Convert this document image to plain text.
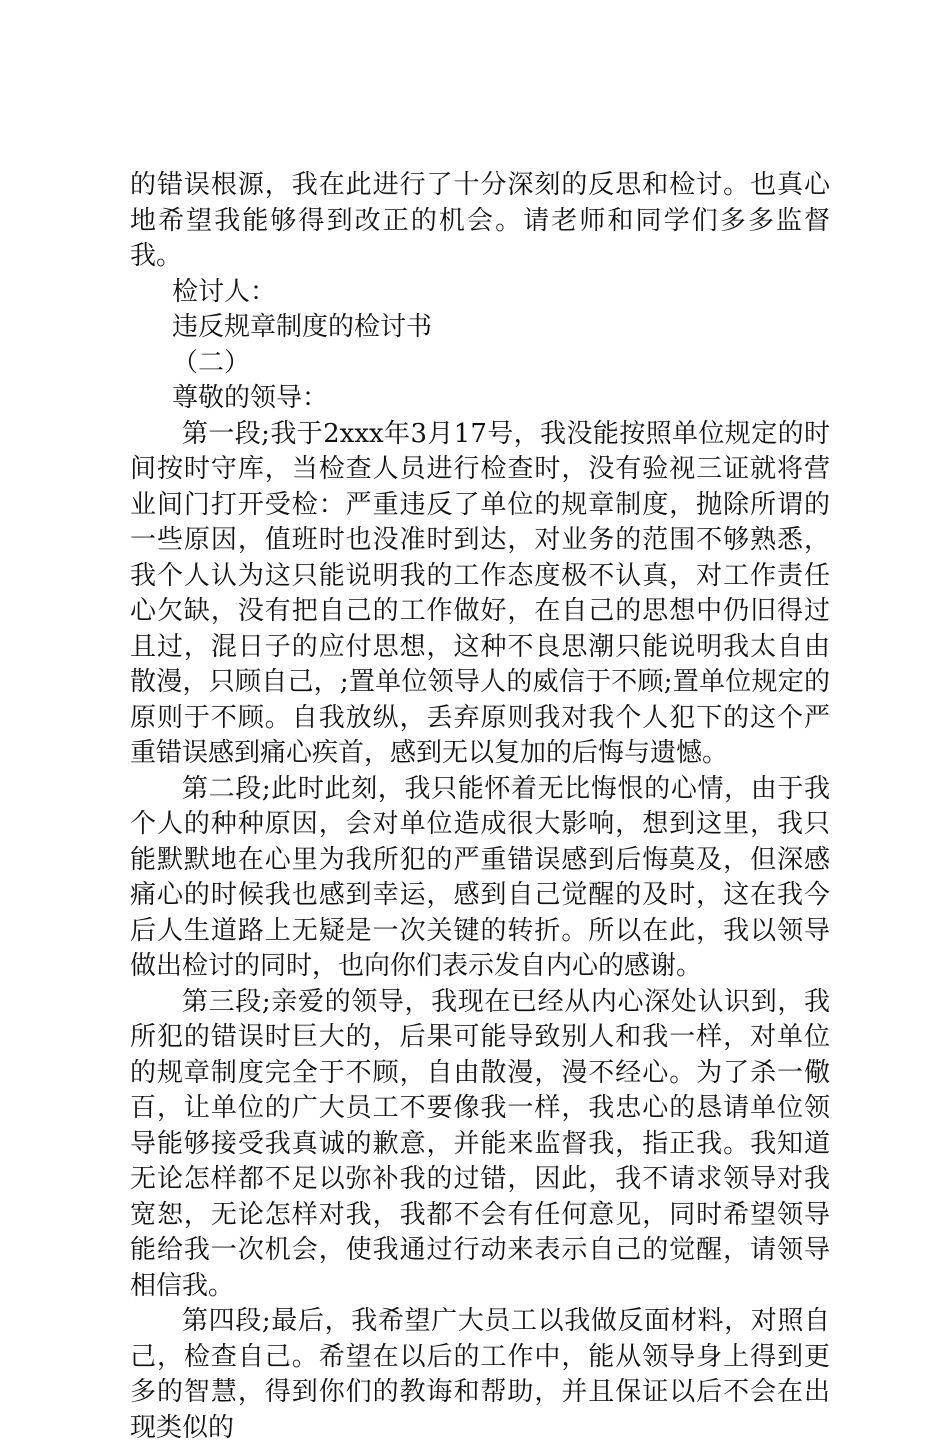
的错误根源，我在此进行了十分深刻的反思和检讨。也真心地希望我能够得到改正的机会。请老师和同学们多多监督我。

检讨人：

违反规章制度的检讨书

（二）

尊敬的领导：

第一段;我于2xxx年3月17号，我没能按照单位规定的时间按时守库，当检查人员进行检查时，没有验视三证就将营业间门打开受检：严重违反了单位的规章制度，抛除所谓的一些原因，值班时也没准时到达，对业务的范围不够熟悉，我个人认为这只能说明我的工作态度极不认真，对工作责任心欠缺，没有把自己的工作做好，在自己的思想中仍旧得过且过，混日子的应付思想，这种不良思潮只能说明我太自由散漫，只顾自己，;置单位领导人的威信于不顾;置单位规定的原则于不顾。自我放纵，丢弃原则我对我个人犯下的这个严重错误感到痛心疾首，感到无以复加的后悔与遗憾。

第二段;此时此刻，我只能怀着无比悔恨的心情，由于我个人的种种原因，会对单位造成很大影响，想到这里，我只能默默地在心里为我所犯的严重错误感到后悔莫及，但深感痛心的时候我也感到幸运，感到自己觉醒的及时，这在我今后人生道路上无疑是一次关键的转折。所以在此，我以领导做出检讨的同时，也向你们表示发自内心的感谢。

第三段;亲爱的领导，我现在已经从内心深处认识到，我所犯的错误时巨大的，后果可能导致别人和我一样，对单位的规章制度完全于不顾，自由散漫，漫不经心。为了杀一儆百，让单位的广大员工不要像我一样，我忠心的恳请单位领导能够接受我真诚的歉意，并能来监督我，指正我。我知道无论怎样都不足以弥补我的过错，因此，我不请求领导对我宽恕，无论怎样对我，我都不会有任何意见，同时希望领导能给我一次机会，使我通过行动来表示自己的觉醒，请领导相信我。

第四段;最后，我希望广大员工以我做反面材料，对照自己，检查自己。希望在以后的工作中，能从领导身上得到更多的智慧，得到你们的教诲和帮助，并且保证以后不会在出现类似的
